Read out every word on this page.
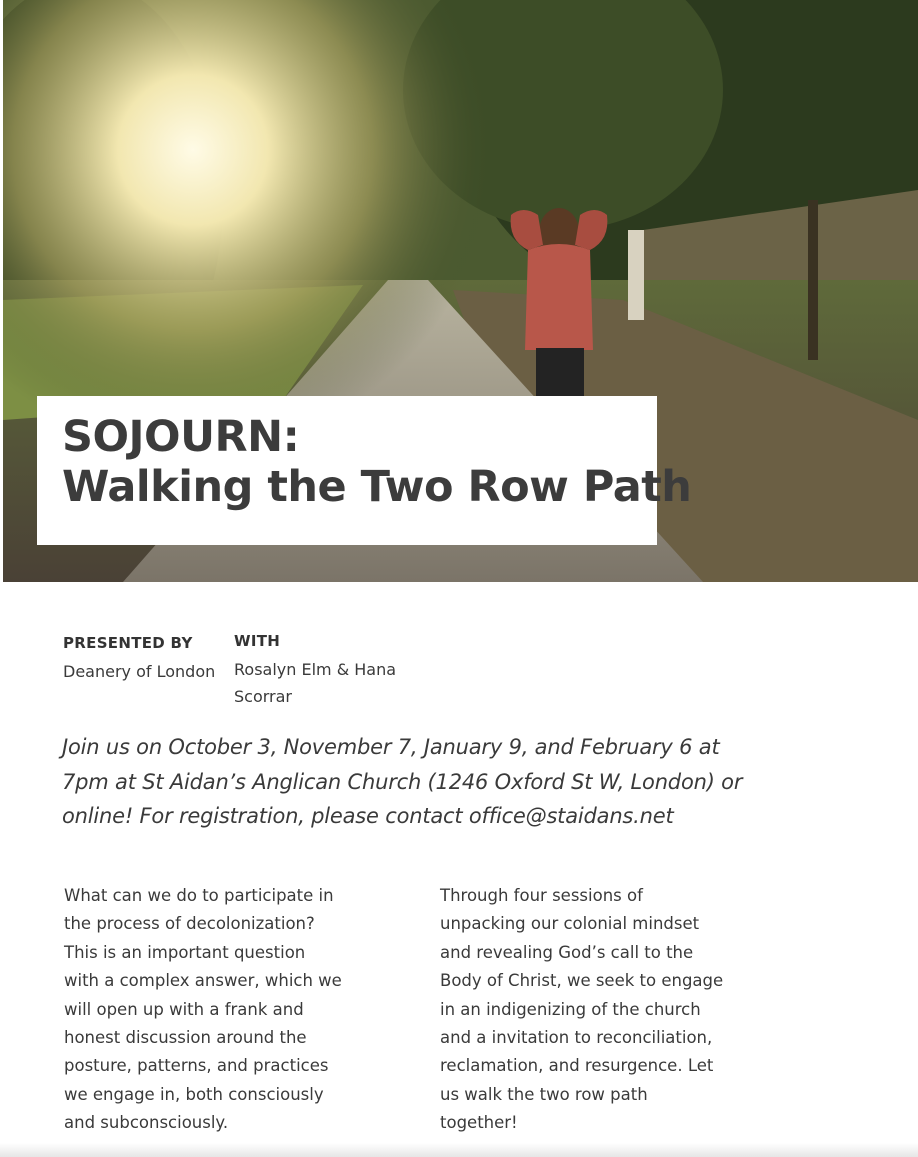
SOJOURN:
Walking the Two Row Path
PRESENTED BY
Deanery of London
WITH
Rosalyn Elm & Hana
Scorrar
Join us on October 3, November 7, January 9, and February 6 at
7pm at St Aidan’s Anglican Church (1246 Oxford St W, London) or
online! For registration, please contact office@staidans.net
What can we do to participate in
the process of decolonization?
This is an important question
with a complex answer, which we
will open up with a frank and
honest discussion around the
posture, patterns, and practices
we engage in, both consciously
and subconsciously.
Through four sessions of
unpacking our colonial mindset
and revealing God’s call to the
Body of Christ, we seek to engage
in an indigenizing of the church
and a invitation to reconciliation,
reclamation, and resurgence. Let
us walk the two row path
together!
